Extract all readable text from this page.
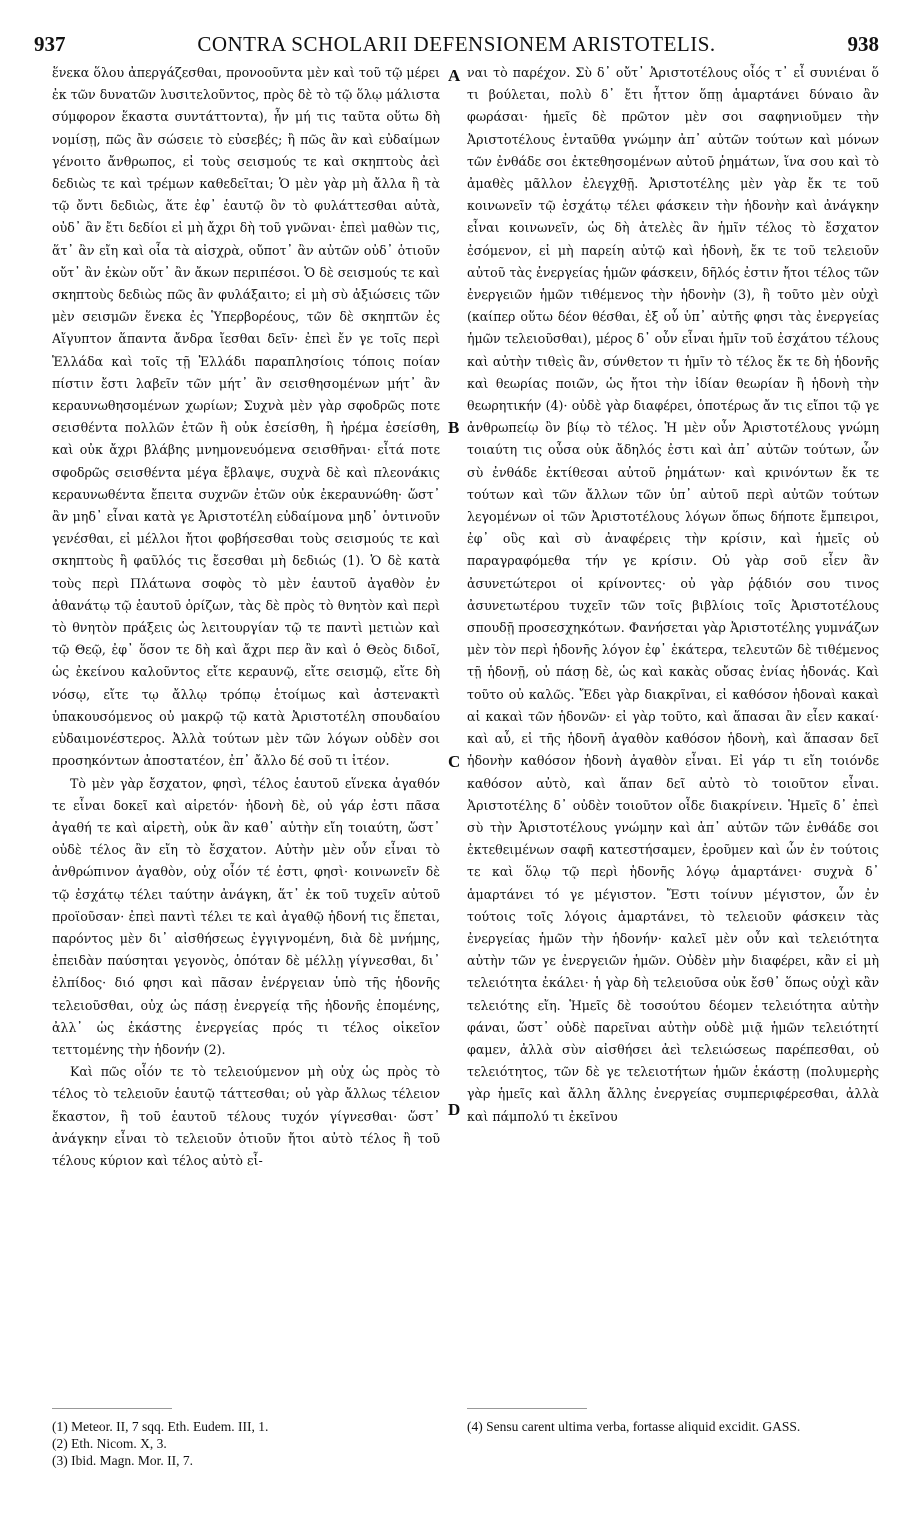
937	CONTRA SCHOLARII DEFENSIONEM ARISTOTELIS.	938

ἕνεκα ὅλου ἀπεργάζεσθαι, προνοοῦντα μὲν καὶ τοῦ τῷ μέρει ἐκ τῶν δυνατῶν λυσιτελοῦντος, πρὸς δὲ τὸ τῷ ὅλῳ μάλιστα σύμφορον ἕκαστα συντάττοντα), ἦν μή τις ταῦτα οὕτω δὴ νομίσῃ, πῶς ἂν σώσειε τὸ εὐσεβές; ἢ πῶς ἂν καὶ εὐδαίμων γένοιτο ἄνθρωπος, εἰ τοὺς σεισμούς τε καὶ σκηπτοὺς ἀεὶ δεδιὼς τε καὶ τρέμων καθεδεῖται; Ὁ μὲν γὰρ μὴ ἄλλα ἢ τὰ τῷ ὄντι δεδιὼς, ἅτε ἐφ᾽ ἑαυτῷ ὂν τὸ φυλάττεσθαι αὐτὰ, οὐδ᾽ ἂν ἔτι δεδίοι εἰ μὴ ἄχρι δὴ τοῦ γνῶναι· ἐπεὶ μαθὼν τις, ἅτ᾽ ἂν εἴη καὶ οἷα τὰ αἰσχρὰ, οὔποτ᾽ ἂν αὐτῶν οὐδ᾽ ὁτιοῦν οὔτ᾽ ἂν ἑκὼν οὔτ᾽ ἂν ἄκων περιπέσοι. Ὁ δὲ σεισμούς τε καὶ σκηπτοὺς δεδιὼς πῶς ἂν φυλάξαιτο; εἰ μὴ σὺ ἀξιώσεις τῶν μὲν σεισμῶν ἕνεκα ἐς Ὑπερβορέους, τῶν δὲ σκηπτῶν ἐς Αἴγυπτον ἅπαντα ἄνδρα ἴεσθαι δεῖν· ἐπεὶ ἔν γε τοῖς περὶ Ἑλλάδα καὶ τοῖς τῇ Ἑλλάδι παραπλησίοις τόποις ποίαν πίστιν ἔστι λαβεῖν τῶν μήτ᾽ ἂν σεισθησομένων μήτ᾽ ἂν κεραυνωθησομένων χωρίων; Συχνὰ μὲν γὰρ σφοδρῶς ποτε σεισθέντα πολλῶν ἐτῶν ἢ οὐκ ἐσείσθη, ἢ ἠρέμα ἐσείσθη, καὶ οὐκ ἄχρι βλάβης μνημονευόμενα σεισθῆναι· εἶτά ποτε σφοδρῶς σεισθέντα μέγα ἔβλαψε, συχνὰ δὲ καὶ πλεονάκις κεραυνωθέντα ἔπειτα συχνῶν ἐτῶν οὐκ ἐκεραυνώθη· ὥστ᾽ ἂν μηδ᾽ εἶναι κατὰ γε Ἀριστοτέλη εὐδαίμονα μηδ᾽ ὁντινοῦν γενέσθαι, εἰ μέλλοι ἤτοι φοβήσεσθαι τοὺς σεισμούς τε καὶ σκηπτοὺς ἢ φαῦλός τις ἔσεσθαι μὴ δεδιώς (1). Ὁ δὲ κατὰ τοὺς περὶ Πλάτωνα σοφὸς τὸ μὲν ἑαυτοῦ ἀγαθὸν ἐν ἀθανάτῳ τῷ ἑαυτοῦ ὁρίζων, τὰς δὲ πρὸς τὸ θνητὸν καὶ περὶ τὸ θνητὸν πράξεις ὡς λειτουργίαν τῷ τε παντὶ μετιὼν καὶ τῷ Θεῷ, ἐφ᾽ ὅσον τε δὴ καὶ ἄχρι περ ἂν καὶ ὁ Θεὸς διδοῖ, ὡς ἐκείνου καλοῦντος εἴτε κεραυνῷ, εἴτε σεισμῷ, εἴτε δὴ νόσῳ, εἴτε τῳ ἄλλῳ τρόπῳ ἑτοίμως καὶ ἀστενακτὶ ὑπακουσόμενος οὐ μακρῷ τῷ κατὰ Ἀριστοτέλη σπουδαίου εὐδαιμονέστερος. Ἀλλὰ τούτων μὲν τῶν λόγων οὐδὲν σοι προσηκόντων ἀποστατέον, ἐπ᾽ ἄλλο δέ σοῦ τι ἰτέον.

Τὸ μὲν γὰρ ἔσχατον, φησὶ, τέλος ἑαυτοῦ εἵνεκα ἀγαθόν τε εἶναι δοκεῖ καὶ αἱρετόν· ἡδονὴ δὲ, οὐ γάρ ἐστι πᾶσα ἀγαθή τε καὶ αἱρετὴ, οὐκ ἂν καθ᾽ αὑτὴν εἴη τοιαύτη, ὥστ᾽ οὐδὲ τέλος ἂν εἴη τὸ ἔσχατον. Αὐτὴν μὲν οὖν εἶναι τὸ ἀνθρώπινον ἀγαθὸν, οὐχ οἷόν τέ ἐστι, φησὶ· κοινωνεῖν δὲ τῷ ἐσχάτῳ τέλει ταύτην ἀνάγκη, ἅτ᾽ ἐκ τοῦ τυχεῖν αὐτοῦ προϊοῦσαν· ἐπεὶ παντὶ τέλει τε καὶ ἀγαθῷ ἡδονή τις ἕπεται, παρόντος μὲν δι᾽ αἰσθήσεως ἐγγιγνομένη, διὰ δὲ μνήμης, ἐπειδὰν παύσηται γεγονὸς, ὁπόταν δὲ μέλλῃ γίγνεσθαι, δι᾽ ἐλπίδος· διό φησι καὶ πᾶσαν ἐνέργειαν ὑπὸ τῆς ἡδονῆς τελειοῦσθαι, οὐχ ὡς πάσῃ ἐνεργείᾳ τῆς ἡδονῆς ἑπομένης, ἀλλ᾽ ὡς ἑκάστης ἐνεργείας πρός τι τέλος οἰκεῖον τεττομένης τὴν ἡδονήν (2).

Καὶ πῶς οἷόν τε τὸ τελειούμενον μὴ οὐχ ὡς πρὸς τὸ τέλος τὸ τελειοῦν ἑαυτῷ τάττεσθαι; οὐ γὰρ ἄλλως τέλειον ἕκαστον, ἢ τοῦ ἑαυτοῦ τέλους τυχόν γίγνεσθαι· ὥστ᾽ ἀνάγκην εἶναι τὸ τελειοῦν ὁτιοῦν ἤτοι αὐτὸ τέλος ἢ τοῦ τέλους κύριον καὶ τέλος αὐτὸ εἶ-

A
B
C
D

ναι τὸ παρέχον. Σὺ δ᾽ οὔτ᾽ Ἀριστοτέλους οἶός τ᾽ εἶ συνιέναι ὅ τι βούλεται, πολὺ δ᾽ ἔτι ἧττον ὅπῃ ἁμαρτάνει δύναιο ἂν φωράσαι· ἡμεῖς δὲ πρῶτον μὲν σοι σαφηνιοῦμεν τὴν Ἀριστοτέλους ἐνταῦθα γνώμην ἀπ᾽ αὐτῶν τούτων καὶ μόνων τῶν ἐνθάδε σοι ἐκτεθησομένων αὐτοῦ ῥημάτων, ἵνα σου καὶ τὸ ἀμαθὲς μᾶλλον ἐλεγχθῇ. Ἀριστοτέλης μὲν γὰρ ἔκ τε τοῦ κοινωνεῖν τῷ ἐσχάτῳ τέλει φάσκειν τὴν ἡδονὴν καὶ ἀνάγκην εἶναι κοινωνεῖν, ὡς δὴ ἀτελὲς ἂν ἡμῖν τέλος τὸ ἔσχατον ἐσόμενον, εἰ μὴ παρείη αὐτῷ καὶ ἡδονὴ, ἔκ τε τοῦ τελειοῦν αὐτοῦ τὰς ἐνεργείας ἡμῶν φάσκειν, δῆλός ἐστιν ἤτοι τέλος τῶν ἐνεργειῶν ἡμῶν τιθέμενος τὴν ἡδονὴν (3), ἢ τοῦτο μὲν οὐχὶ (καίπερ οὕτω δέον θέσθαι, ἐξ οὗ ὑπ᾽ αὐτῆς φησι τὰς ἐνεργείας ἡμῶν τελειοῦσθαι), μέρος δ᾽ οὖν εἶναι ἡμῖν τοῦ ἐσχάτου τέλους καὶ αὐτὴν τιθεὶς ἂν, σύνθετον τι ἡμῖν τὸ τέλος ἔκ τε δὴ ἡδονῆς καὶ θεωρίας ποιῶν, ὡς ἤτοι τὴν ἰδίαν θεωρίαν ἢ ἡδονὴ τὴν θεωρητικήν (4)· οὐδὲ γὰρ διαφέρει, ὁποτέρως ἄν τις εἴποι τῷ γε ἀνθρωπείῳ ὂν βίῳ τὸ τέλος. Ἡ μὲν οὖν Ἀριστοτέλους γνώμη τοιαύτη τις οὖσα οὐκ ἄδηλός ἐστι καὶ ἀπ᾽ αὐτῶν τούτων, ὧν σὺ ἐνθάδε ἐκτίθεσαι αὐτοῦ ῥημάτων· καὶ κρινόντων ἔκ τε τούτων καὶ τῶν ἄλλων τῶν ὑπ᾽ αὐτοῦ περὶ αὐτῶν τούτων λεγομένων οἱ τῶν Ἀριστοτέλους λόγων ὅπως δήποτε ἔμπειροι, ἐφ᾽ οὓς καὶ σὺ ἀναφέρεις τὴν κρίσιν, καὶ ἡμεῖς οὐ παραγραφόμεθα τήν γε κρίσιν. Οὐ γὰρ σοῦ εἶεν ἂν ἀσυνετώτεροι οἱ κρίνοντες· οὐ γὰρ ῥᾴδιόν σου τινος ἀσυνετωτέρου τυχεῖν τῶν τοῖς βιβλίοις τοῖς Ἀριστοτέλους σπουδῇ προσεσχηκότων. Φανήσεται γὰρ Ἀριστοτέλης γυμνάζων μὲν τὸν περὶ ἡδονῆς λόγον ἐφ᾽ ἑκάτερα, τελευτῶν δὲ τιθέμενος τῇ ἡδονῇ, οὐ πάσῃ δὲ, ὡς καὶ κακὰς οὔσας ἐνίας ἡδονάς. Καὶ τοῦτο οὐ καλῶς. Ἔδει γὰρ διακρῖναι, εἰ καθόσον ἡδοναὶ κακαὶ αἱ κακαὶ τῶν ἡδονῶν· εἰ γὰρ τοῦτο, καὶ ἅπασαι ἂν εἶεν κακαί· καὶ αὖ, εἰ τῆς ἡδονῆ ἀγαθὸν καθόσον ἡδονὴ, καὶ ἅπασαν δεῖ ἡδονὴν καθόσον ἡδονὴ ἀγαθὸν εἶναι. Εἰ γάρ τι εἴη τοιόνδε καθόσον αὐτὸ, καὶ ἅπαν δεῖ αὐτὸ τὸ τοιοῦτον εἶναι. Ἀριστοτέλης δ᾽ οὐδὲν τοιοῦτον οἶδε διακρίνειν. Ἡμεῖς δ᾽ ἐπεὶ σὺ τὴν Ἀριστοτέλους γνώμην καὶ ἀπ᾽ αὐτῶν τῶν ἐνθάδε σοι ἐκτεθειμένων σαφῆ κατεστήσαμεν, ἐροῦμεν καὶ ὧν ἐν τούτοις τε καὶ ὅλῳ τῷ περὶ ἡδονῆς λόγῳ ἁμαρτάνει· συχνὰ δ᾽ ἁμαρτάνει τό γε μέγιστον. Ἔστι τοίνυν μέγιστον, ὧν ἐν τούτοις τοῖς λόγοις ἁμαρτάνει, τὸ τελειοῦν φάσκειν τὰς ἐνεργείας ἡμῶν τὴν ἡδονήν· καλεῖ μὲν οὖν καὶ τελειότητα αὐτὴν τῶν γε ἐνεργειῶν ἡμῶν. Οὐδὲν μὴν διαφέρει, κἂν εἰ μὴ τελειότητα ἐκάλει· ἡ γὰρ δὴ τελειοῦσα οὐκ ἔσθ᾽ ὅπως οὐχὶ κἂν τελειότης εἴη. Ἡμεῖς δὲ τοσούτου δέομεν τελειότητα αὐτὴν φάναι, ὥστ᾽ οὐδὲ παρεῖναι αὐτὴν οὐδὲ μιᾷ ἡμῶν τελειότητί φαμεν, ἀλλὰ σὺν αἰσθήσει ἀεὶ τελειώσεως παρέπεσθαι, οὐ τελειότητος, τῶν δὲ γε τελειοτήτων ἡμῶν ἑκάστῃ (πολυμερὴς γὰρ ἡμεῖς καὶ ἄλλη ἄλλης ἐνεργείας συμπεριφέρεσθαι, ἀλλὰ καὶ πάμπολύ τι ἐκεῖνου

(1) Meteor. II, 7 sqq. Eth. Eudem. III, 1.
(2) Eth. Nicom. X, 3.
(3) Ibid. Magn. Mor. II, 7.
(4) Sensu carent ultima verba, fortasse aliquid excidit. GASS.
